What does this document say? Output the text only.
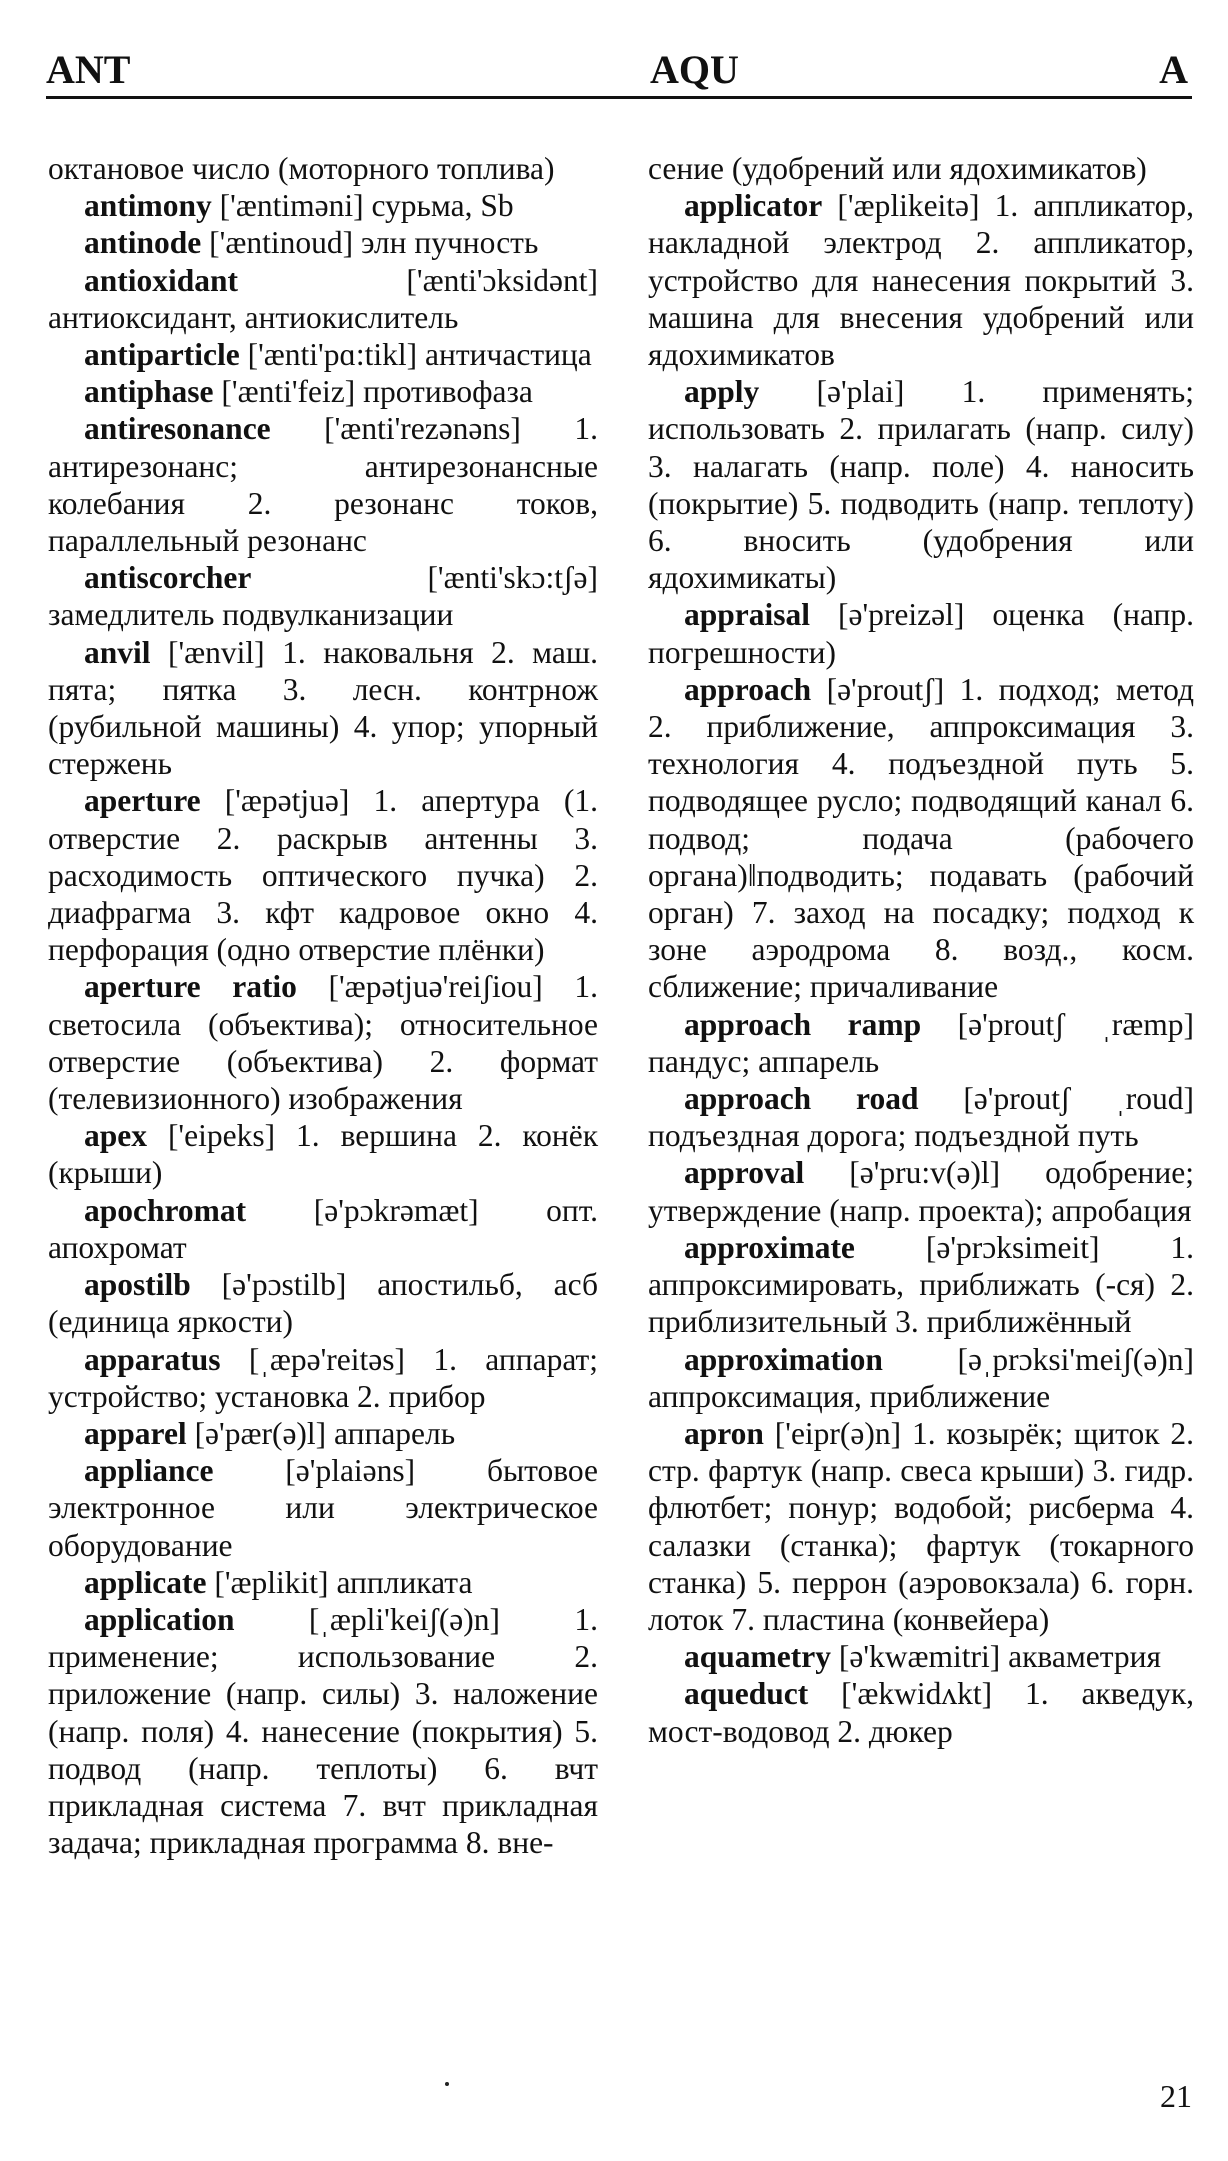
ANT	AQU	A

октановое число (моторного топлива)

antimony ['æntimǝni] сурьма, Sb

antinode ['æntinoud] элн пучность

antioxidant	['ænti'ɔksidǝnt] антиоксидант, антиокислитель

antiparticle ['ænti'pɑ:tikl] античастица

antiphase ['ænti'feiz] противофаза

antiresonance ['ænti'rezǝnǝns] 1. антирезонанс; антирезонансные колебания 2. резонанс токов, параллельный резонанс

antiscorcher	['ænti'skɔ:tʃǝ] замедлитель подвулканизации

anvil ['ænvil] 1. наковальня 2. маш. пята; пятка 3. лесн. контрнож (рубильной машины) 4. упор; упорный стержень

aperture ['æpǝtjuǝ] 1. апертура (1. отверстие 2. раскрыв антенны 3. расходимость оптического пучка) 2. диафрагма 3. кфт кадровое окно 4. перфорация (одно отверстие плёнки)

aperture ratio ['æpǝtjuǝ'reiʃiou] 1. светосила (объектива); относительное отверстие (объектива) 2. формат (телевизионного) изображения

apex ['eipeks] 1. вершина 2. конёк (крыши)

apochromat [ǝ'pɔkrǝmæt] опт. апохромат

apostilb [ǝ'pɔstilb] апостильб, асб (единица яркости)

apparatus [ˌæpǝ'reitǝs] 1. аппарат; устройство; установка 2. прибор

apparel [ǝ'pær(ǝ)l] аппарель

appliance [ǝ'plaiǝns] бытовое электронное или электрическое оборудование

applicate ['æplikit] аппликата

application [ˌæpli'keiʃ(ǝ)n] 1. применение; использование 2. приложение (напр. силы) 3. наложение (напр. поля) 4. нанесение (покрытия) 5. подвод (напр. теплоты) 6. вчт прикладная система 7. вчт прикладная задача; прикладная программа 8. вне-

сение (удобрений или ядохимикатов)

applicator ['æplikeitǝ] 1. аппликатор, накладной электрод 2. аппликатор, устройство для нанесения покрытий 3. машина для внесения удобрений или ядохимикатов

apply [ǝ'plai] 1. применять; использовать 2. прилагать (напр. силу) 3. налагать (напр. поле) 4. наносить (покрытие) 5. подводить (напр. теплоту) 6. вносить (удобрения или ядохимикаты)

appraisal [ǝ'preizǝl] оценка (напр. погрешности)

approach [ǝ'proutʃ] 1. подход; метод 2. приближение, аппроксимация 3. технология 4. подъездной путь 5. подводящее русло; подводящий канал 6. подвод; подача (рабочего органа)‖подводить; подавать (рабочий орган) 7. заход на посадку; подход к зоне аэродрома 8. возд., косм. сближение; причаливание

approach ramp [ǝ'proutʃ ˌræmp] пандус; аппарель

approach road [ǝ'proutʃ ˌroud] подъездная дорога; подъездной путь

approval [ǝ'pru:v(ǝ)l] одобрение; утверждение (напр. проекта); апробация

approximate [ǝ'prɔksimeit] 1. аппроксимировать, приближать (-ся) 2. приблизительный 3. приближённый

approximation [ǝˌprɔksi'meiʃ(ǝ)n] аппроксимация, приближение

apron ['eipr(ǝ)n] 1. козырёк; щиток 2. стр. фартук (напр. свеса крыши) 3. гидр. флютбет; понур; водобой; рисберма 4. салазки (станка); фартук (токарного станка) 5. перрон (аэровокзала) 6. горн. лоток 7. пластина (конвейера)

aquametry [ǝ'kwæmitri] акваметрия

aqueduct ['ækwidʌkt] 1. акведук, мост-водовод 2. дюкер

21
